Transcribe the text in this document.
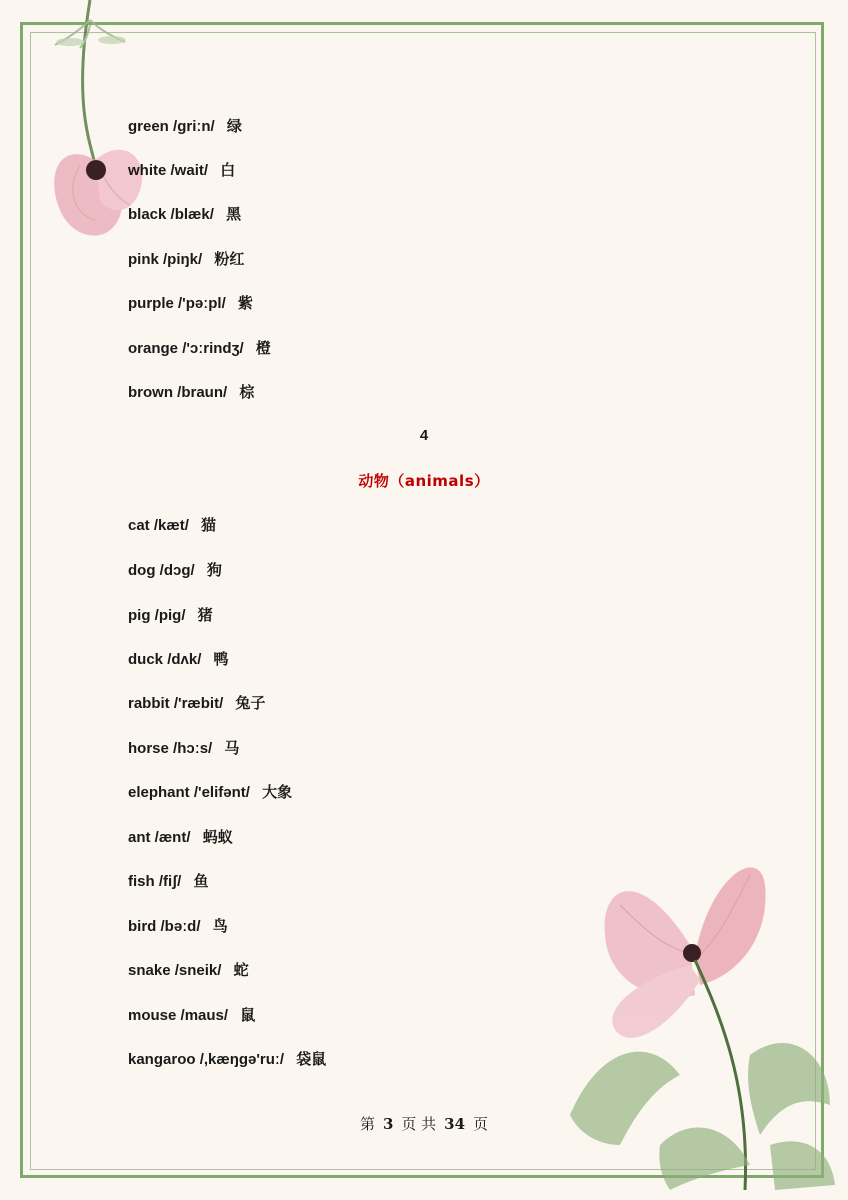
green /griːn/ 绿
white /wait/ 白
black /blæk/ 黑
pink /piŋk/ 粉红
purple /'pəːpl/ 紫
orange /'ɔːrindʒ/ 橙
brown /braun/ 棕
4
动物（animals）
cat /kæt/ 猫
dog /dɔg/ 狗
pig /pig/ 猪
duck /dʌk/ 鸭
rabbit /'ræbit/ 兔子
horse /hɔːs/ 马
elephant /'elifənt/ 大象
ant /ænt/ 蚂蚁
fish /fiʃ/ 鱼
bird /bəːd/ 鸟
snake /sneik/ 蛇
mouse /maus/ 鼠
kangaroo /,kæŋgə'ruː/ 袋鼠
第 3 页 共 34 页
